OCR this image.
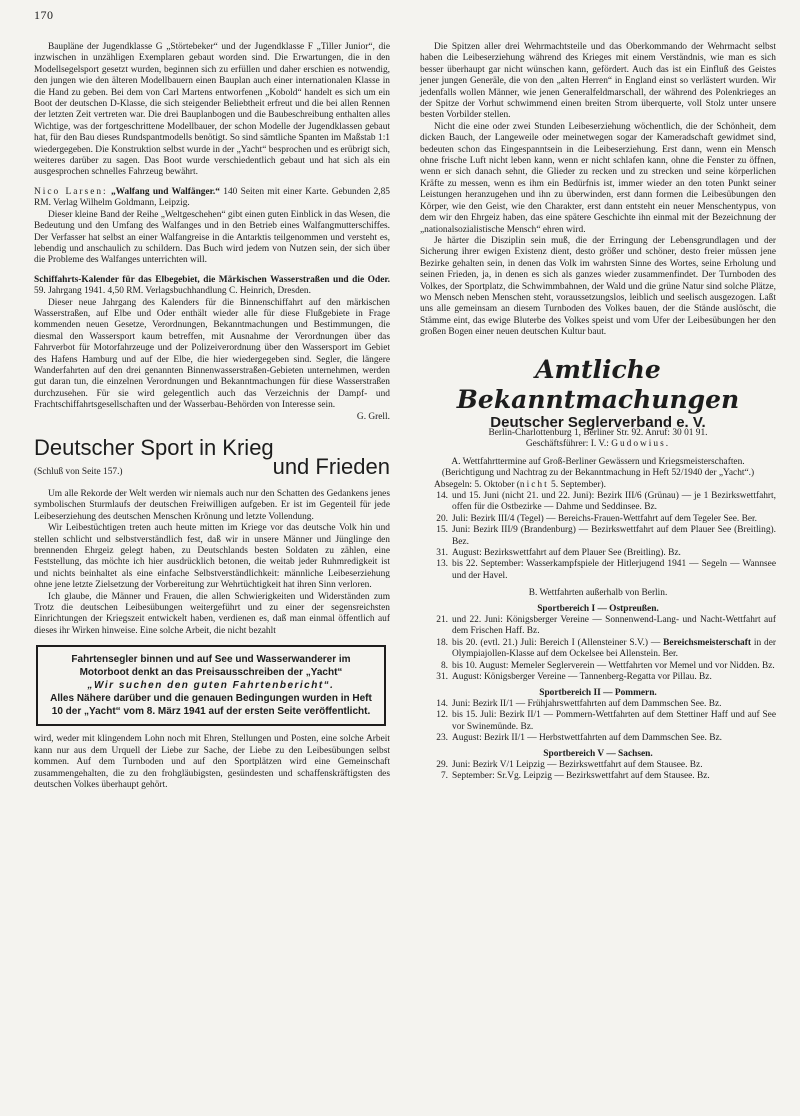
170

Baupläne der Jugendklasse G „Störtebeker“ und der Jugendklasse F „Tiller Junior“, die inzwischen in unzähligen Exemplaren gebaut worden sind. Die Erwartungen, die in den Modellsegelsport gesetzt wurden, beginnen sich zu erfüllen und daher erschien es notwendig, den jungen wie den älteren Modellbauern einen Bauplan auch einer internationalen Klasse in die Hand zu geben. Bei dem von Carl Martens entworfenen „Kobold“ handelt es sich um ein Boot der deutschen D-Klasse, die sich steigender Beliebtheit erfreut und die bei allen Rennen der letzten Zeit vertreten war. Die drei Bauplanbogen und die Baubeschreibung enthalten alles Wichtige, was der fortgeschrittene Modellbauer, der schon Modelle der Jugendklassen gebaut hat, für den Bau dieses Rundspantmodells benötigt. So sind sämtliche Spanten im Maßstab 1:1 wiedergegeben. Die Konstruktion selbst wurde in der „Yacht“ besprochen und es erübrigt sich, weiteres darüber zu sagen. Das Boot wurde verschiedentlich gebaut und hat sich als ein ausgesprochen schnelles Fahrzeug bewährt.

Nico Larsen: „Walfang und Walfänger.“ 140 Seiten mit einer Karte. Gebunden 2,85 RM. Verlag Wilhelm Goldmann, Leipzig.

Dieser kleine Band der Reihe „Weltgeschehen“ gibt einen guten Einblick in das Wesen, die Bedeutung und den Umfang des Walfanges und in den Betrieb eines Walfangmutterschiffes. Der Verfasser hat selbst an einer Walfangreise in die Antarktis teilgenommen und versteht es, lebendig und anschaulich zu schildern. Das Buch wird jedem von Nutzen sein, der sich über die Probleme des Walfanges unterrichten will.

Schiffahrts-Kalender für das Elbegebiet, die Märkischen Wasserstraßen und die Oder. 59. Jahrgang 1941. 4,50 RM. Verlagsbuchhandlung C. Heinrich, Dresden.

Dieser neue Jahrgang des Kalenders für die Binnenschiffahrt auf den märkischen Wasserstraßen, auf Elbe und Oder enthält wieder alle für diese Flußgebiete in Frage kommenden neuen Gesetze, Verordnungen, Bekanntmachungen und Bestimmungen, die diesmal den Wassersport kaum betreffen, mit Ausnahme der Verordnungen über das Fahrverbot für Motorfahrzeuge und der Polizeiverordnung über den Wassersport im Gebiet des Hafens Hamburg und auf der Elbe, die hier wiedergegeben sind. Segler, die längere Wanderfahrten auf den drei genannten Binnenwasserstraßen-Gebieten unternehmen, werden gut daran tun, die einzelnen Verordnungen und Bekanntmachungen für diese Wasserstraßen durchzusehen. Für sie wird gelegentlich auch das Verzeichnis der Dampf- und Frachtschiffahrtsgesellschaften und der Wasserbau-Behörden von Interesse sein.

G. Grell.

Deutscher Sport in Krieg
(Schluß von Seite 157.)	und Frieden

Um alle Rekorde der Welt werden wir niemals auch nur den Schatten des Gedankens jenes symbolischen Sturmlaufs der deutschen Freiwilligen aufgeben. Er ist im Gegenteil für jede Leibeserziehung des deutschen Menschen Krönung und letzte Vollendung.

Wir Leibestüchtigen treten auch heute mitten im Kriege vor das deutsche Volk hin und stellen schlicht und selbstverständlich fest, daß wir in unsere Männer und Jünglinge den brennenden Ehrgeiz gelegt haben, zu Deutschlands besten Soldaten zu zählen, eine Feststellung, das möchte ich hier ausdrücklich betonen, die weitab jeder Ruhmredigkeit ist und nichts beinhaltet als eine einfache Selbstverständlichkeit: männliche Leibeserziehung ohne jene letzte Zielsetzung der Vorbereitung zur Wehrtüchtigkeit hat ihren Sinn verloren.

Ich glaube, die Männer und Frauen, die allen Schwierigkeiten und Widerständen zum Trotz die deutschen Leibesübungen weitergeführt und zu einer der segensreichsten Einrichtungen der Kriegszeit entwickelt haben, verdienen es, daß man einmal öffentlich auf dieses ihr Wirken hinweise. Eine solche Arbeit, die nicht bezahlt

Fahrtensegler binnen und auf See und Wasserwanderer im Motorboot denkt an das Preisausschreiben der „Yacht“
„Wir suchen den guten Fahrtenbericht“.
Alles Nähere darüber und die genauen Bedingungen wurden in Heft 10 der „Yacht“ vom 8. März 1941 auf der ersten Seite veröffentlicht.

wird, weder mit klingendem Lohn noch mit Ehren, Stellungen und Posten, eine solche Arbeit kann nur aus dem Urquell der Liebe zur Sache, der Liebe zu den Leibesübungen selbst kommen. Auf dem Turnboden und auf den Sportplätzen wird eine Gemeinschaft zusammengehalten, die zu den frohgläubigsten, gesündesten und schaffenskräftigsten des deutschen Volkes überhaupt gehört.

Die Spitzen aller drei Wehrmachtsteile und das Oberkommando der Wehrmacht selbst haben die Leibeserziehung während des Krieges mit einem Verständnis, wie man es sich besser überhaupt gar nicht wünschen kann, gefördert. Auch das ist ein Einfluß des Geistes jener jungen Generäle, die von den „alten Herren“ in England einst so verlästert wurden. Wir jedenfalls wollen Männer, wie jenen Generalfeldmarschall, der während des Polenkrieges an der Spitze der Vorhut schwimmend einen breiten Strom überquerte, voll Stolz unter unsere besten Vorbilder stellen.

Nicht die eine oder zwei Stunden Leibeserziehung wöchentlich, die der Schönheit, dem dicken Bauch, der Langeweile oder meinetwegen sogar der Kameradschaft gewidmet sind, bedeuten schon das Eingespanntsein in die Leibeserziehung. Erst dann, wenn ein Mensch ohne frische Luft nicht leben kann, wenn er nicht schlafen kann, ohne die Fenster zu öffnen, wenn er sich danach sehnt, die Glieder zu recken und zu strecken und seine körperlichen Kräfte zu messen, wenn es ihm ein Bedürfnis ist, immer wieder an den toten Punkt seiner Leistungen heranzugehen und ihn zu überwinden, erst dann formen die Leibesübungen den Körper, wie den Geist, wie den Charakter, erst dann entsteht ein neuer Menschentypus, von dem wir den Ehrgeiz haben, das eine spätere Geschichte ihn einmal mit der Bezeichnung der „nationalsozialistische Mensch“ ehren wird.

Je härter die Disziplin sein muß, die der Erringung der Lebensgrundlagen und der Sicherung ihrer ewigen Existenz dient, desto größer und schöner, desto freier müssen jene Bezirke gehalten sein, in denen das Volk im wahrsten Sinne des Wortes, seine Erholung und seinen Frieden, ja, in denen es sich als ganzes wieder zusammenfindet. Der Turnboden des Volkes, der Sportplatz, die Schwimmbahnen, der Wald und die grüne Natur sind solche Plätze, wo Mensch neben Menschen steht, voraussetzungslos, leiblich und seelisch ausgezogen. Laßt uns alle gemeinsam an diesem Turnboden des Volkes bauen, der die Stände auslöscht, die Stämme eint, das ewige Bluterbe des Volkes speist und vom Ufer der Leibesübungen her den großen Bogen einer neuen deutschen Kultur baut.

Amtliche Bekanntmachungen
Deutscher Seglerverband e. V.

Berlin-Charlottenburg 1, Berliner Str. 92. Anruf: 30 01 91.

Geschäftsführer: I. V.: Gudowius.

A. Wettfahrttermine auf Groß-Berliner Gewässern und Kriegsmeisterschaften.

(Berichtigung und Nachtrag zu der Bekanntmachung in Heft 52/1940 der „Yacht“.)

Absegeln: 5. Oktober (nicht 5. September).

14. und 15. Juni (nicht 21. und 22. Juni): Bezirk III/6 (Grünau) — je 1 Bezirkswettfahrt, offen für die Ostbezirke — Dahme und Seddinsee. Bz.
20. Juli: Bezirk III/4 (Tegel) — Bereichs-Frauen-Wettfahrt auf dem Tegeler See. Ber.
15. Juni: Bezirk III/9 (Brandenburg) — Bezirkswettfahrt auf dem Plauer See (Breitling). Bez.
31. August: Bezirkswettfahrt auf dem Plauer See (Breitling). Bz.
13. bis 22. September: Wasserkampfspiele der Hitlerjugend 1941 — Segeln — Wannsee und der Havel.

B. Wettfahrten außerhalb von Berlin.

Sportbereich I — Ostpreußen.

21. und 22. Juni: Königsberger Vereine — Sonnenwend-Lang- und Nacht-Wettfahrt auf dem Frischen Haff. Bz.
18. bis 20. (evtl. 21.) Juli: Bereich I (Allensteiner S.V.) — Bereichsmeisterschaft in der Olympiajollen-Klasse auf dem Ockelsee bei Allenstein. Ber.
8. bis 10. August: Memeler Seglerverein — Wettfahrten vor Memel und vor Nidden. Bz.
31. August: Königsberger Vereine — Tannenberg-Regatta vor Pillau. Bz.

Sportbereich II — Pommern.

14. Juni: Bezirk II/1 — Frühjahrswettfahrten auf dem Dammschen See. Bz.
12. bis 15. Juli: Bezirk II/1 — Pommern-Wettfahrten auf dem Stettiner Haff und auf See vor Swinemünde. Bz.
23. August: Bezirk II/1 — Herbstwettfahrten auf dem Dammschen See. Bz.

Sportbereich V — Sachsen.

29. Juni: Bezirk V/1 Leipzig — Bezirkswettfahrt auf dem Stausee. Bz.
7. September: Sr.Vg. Leipzig — Bezirkswettfahrt auf dem Stausee. Bz.
